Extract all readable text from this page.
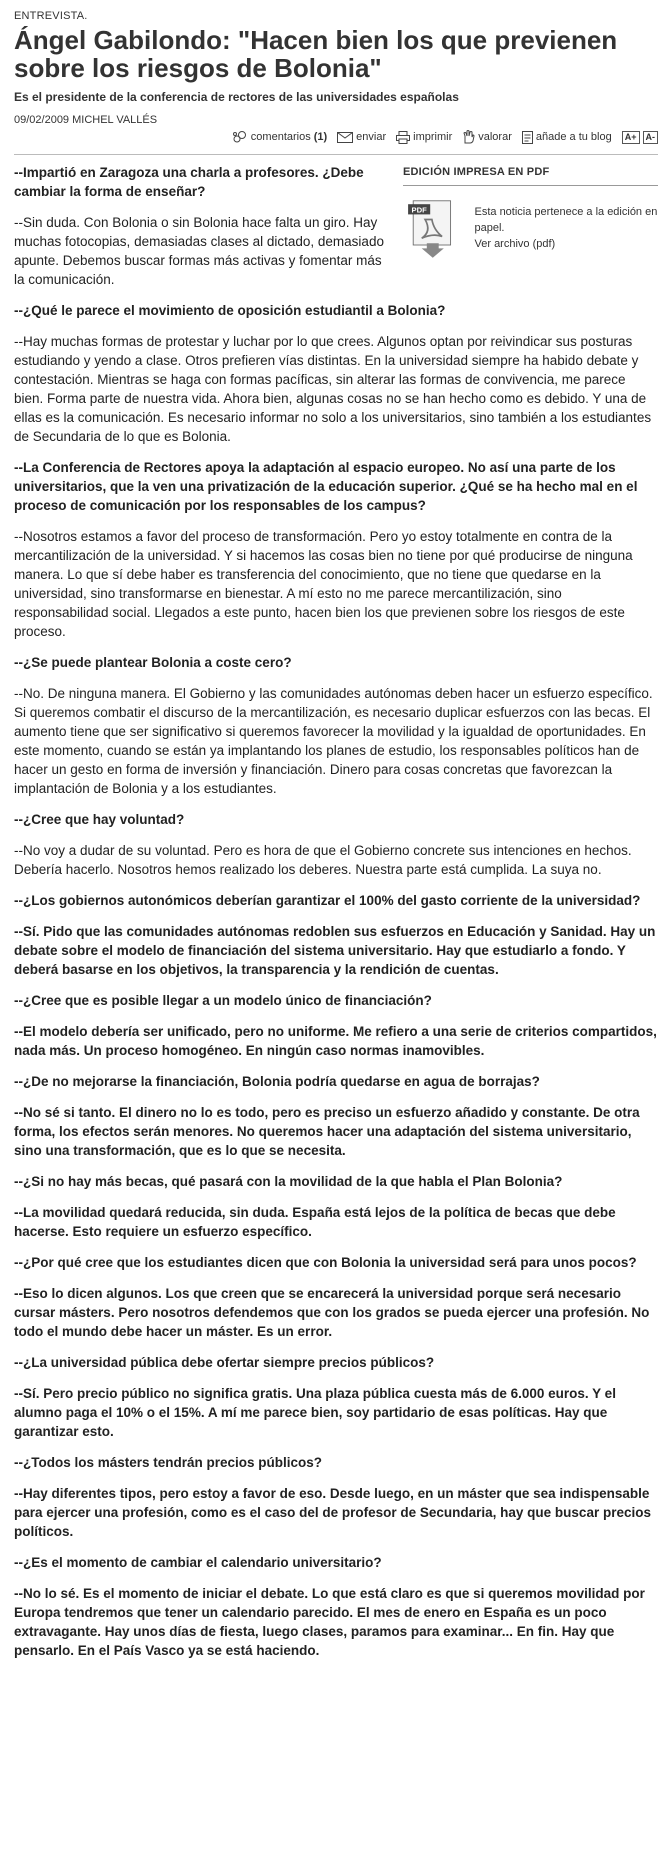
ENTREVISTA.
Ángel Gabilondo: "Hacen bien los que previenen sobre los riesgos de Bolonia"
Es el presidente de la conferencia de rectores de las universidades españolas
09/02/2009 MICHEL VALLÉS
comentarios (1)	enviar imprimir valorar añade a tu blog	A+	A-
EDICIÓN IMPRESA EN PDF
PDF	Esta noticia pertenece a la edición en papel.
Ver archivo (pdf)

--Impartió en Zaragoza una charla a profesores. ¿Debe cambiar la forma de enseñar?

--Sin duda. Con Bolonia o sin Bolonia hace falta un giro. Hay muchas fotocopias, demasiadas clases al dictado, demasiado apunte. Debemos buscar formas más activas y fomentar más la comunicación.

--¿Qué le parece el movimiento de oposición estudiantil a Bolonia?

--Hay muchas formas de protestar y luchar por lo que crees. Algunos optan por reivindicar sus posturas estudiando y yendo a clase. Otros prefieren vías distintas. En la universidad siempre ha habido debate y contestación. Mientras se haga con formas pacíficas, sin alterar las formas de convivencia, me parece bien. Forma parte de nuestra vida. Ahora bien, algunas cosas no se han hecho como es debido. Y una de ellas es la comunicación. Es necesario informar no solo a los universitarios, sino también a los estudiantes de Secundaria de lo que es Bolonia.

--La Conferencia de Rectores apoya la adaptación al espacio europeo. No así una parte de los universitarios, que la ven una privatización de la educación superior. ¿Qué se ha hecho mal en el proceso de comunicación por los responsables de los campus?

--Nosotros estamos a favor del proceso de transformación. Pero yo estoy totalmente en contra de la mercantilización de la universidad. Y si hacemos las cosas bien no tiene por qué producirse de ninguna manera. Lo que sí debe haber es transferencia del conocimiento, que no tiene que quedarse en la universidad, sino transformarse en bienestar. A mí esto no me parece mercantilización, sino responsabilidad social. Llegados a este punto, hacen bien los que previenen sobre los riesgos de este proceso.

--¿Se puede plantear Bolonia a coste cero?

--No. De ninguna manera. El Gobierno y las comunidades autónomas deben hacer un esfuerzo específico. Si queremos combatir el discurso de la mercantilización, es necesario duplicar esfuerzos con las becas. El aumento tiene que ser significativo si queremos favorecer la movilidad y la igualdad de oportunidades. En este momento, cuando se están ya implantando los planes de estudio, los responsables políticos han de hacer un gesto en forma de inversión y financiación. Dinero para cosas concretas que favorezcan la implantación de Bolonia y a los estudiantes.

--¿Cree que hay voluntad?

--No voy a dudar de su voluntad. Pero es hora de que el Gobierno concrete sus intenciones en hechos. Debería hacerlo. Nosotros hemos realizado los deberes. Nuestra parte está cumplida. La suya no.

--¿Los gobiernos autonómicos deberían garantizar el 100% del gasto corriente de la universidad?

--Sí. Pido que las comunidades autónomas redoblen sus esfuerzos en Educación y Sanidad. Hay un debate sobre el modelo de financiación del sistema universitario. Hay que estudiarlo a fondo. Y deberá basarse en los objetivos, la transparencia y la rendición de cuentas.

--¿Cree que es posible llegar a un modelo único de financiación?

--El modelo debería ser unificado, pero no uniforme. Me refiero a una serie de criterios compartidos, nada más. Un proceso homogéneo. En ningún caso normas inamovibles.

--¿De no mejorarse la financiación, Bolonia podría quedarse en agua de borrajas?

--No sé si tanto. El dinero no lo es todo, pero es preciso un esfuerzo añadido y constante. De otra forma, los efectos serán menores. No queremos hacer una adaptación del sistema universitario, sino una transformación, que es lo que se necesita.

--¿Si no hay más becas, qué pasará con la movilidad de la que habla el Plan Bolonia?

--La movilidad quedará reducida, sin duda. España está lejos de la política de becas que debe hacerse. Esto requiere un esfuerzo específico.

--¿Por qué cree que los estudiantes dicen que con Bolonia la universidad será para unos pocos?

--Eso lo dicen algunos. Los que creen que se encarecerá la universidad porque será necesario cursar másters. Pero nosotros defendemos que con los grados se pueda ejercer una profesión. No todo el mundo debe hacer un máster. Es un error.

--¿La universidad pública debe ofertar siempre precios públicos?

--Sí. Pero precio público no significa gratis. Una plaza pública cuesta más de 6.000 euros. Y el alumno paga el 10% o el 15%. A mí me parece bien, soy partidario de esas políticas. Hay que garantizar esto.

--¿Todos los másters tendrán precios públicos?

--Hay diferentes tipos, pero estoy a favor de eso. Desde luego, en un máster que sea indispensable para ejercer una profesión, como es el caso del de profesor de Secundaria, hay que buscar precios políticos.

--¿Es el momento de cambiar el calendario universitario?

--No lo sé. Es el momento de iniciar el debate. Lo que está claro es que si queremos movilidad por Europa tendremos que tener un calendario parecido. El mes de enero en España es un poco extravagante. Hay unos días de fiesta, luego clases, paramos para examinar... En fin. Hay que pensarlo. En el País Vasco ya se está haciendo.
